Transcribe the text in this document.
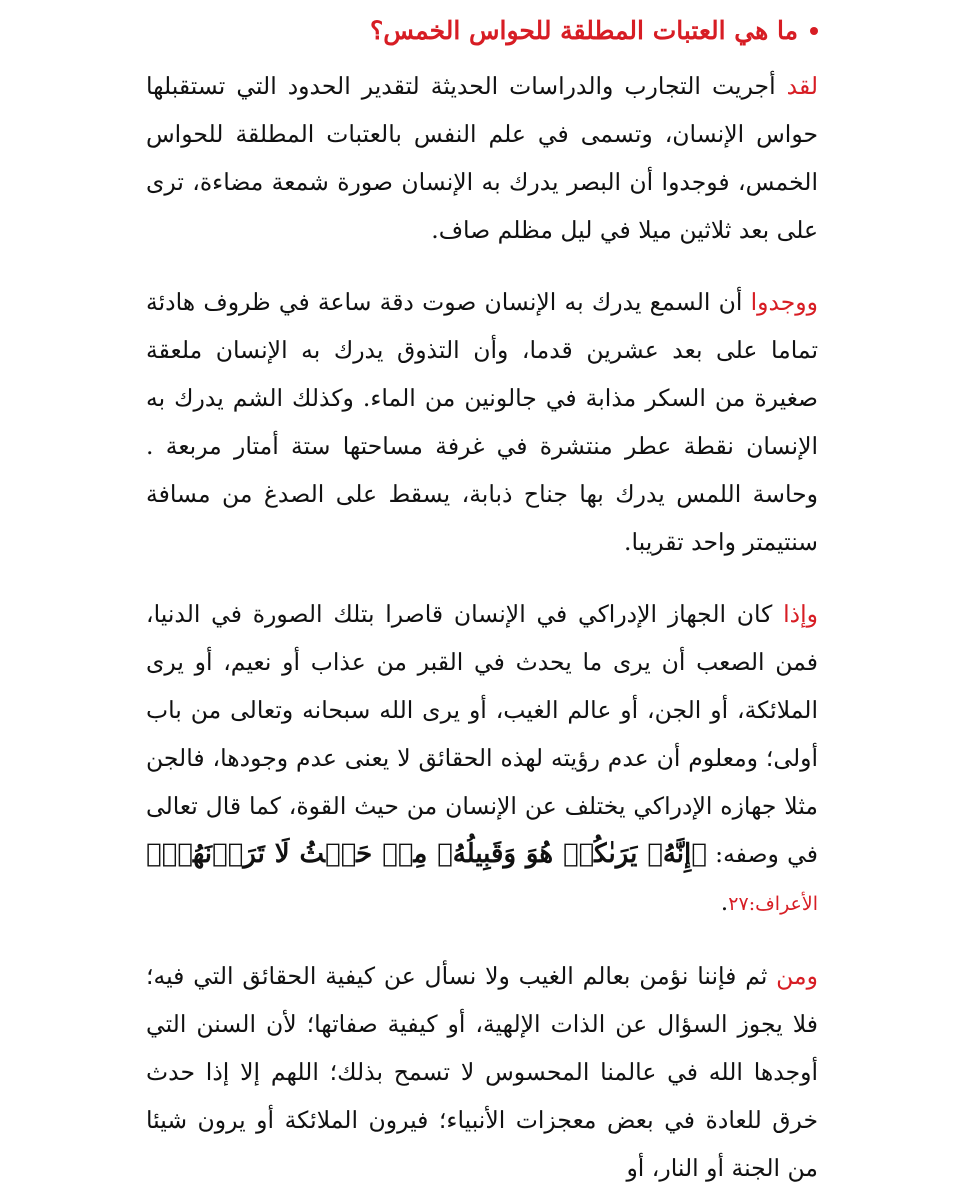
ما هي العتبات المطلقة للحواس الخمس؟

لقد أجريت التجارب والدراسات الحديثة لتقدير الحدود التي تستقبلها حواس الإنسان، وتسمى في علم النفس بالعتبات المطلقة للحواس الخمس، فوجدوا أن البصر يدرك به الإنسان صورة شمعة مضاءة، ترى على بعد ثلاثين ميلا في ليل مظلم صاف.

ووجدوا أن السمع يدرك به الإنسان صوت دقة ساعة في ظروف هادئة تماما على بعد عشرين قدما، وأن التذوق يدرك به الإنسان ملعقة صغيرة من السكر مذابة في جالونين من الماء. وكذلك الشم يدرك به الإنسان نقطة عطر منتشرة في غرفة مساحتها ستة أمتار مربعة . وحاسة اللمس يدرك بها جناح ذبابة، يسقط على الصدغ من مسافة سنتيمتر واحد تقريبا.

وإذا كان الجهاز الإدراكي في الإنسان قاصرا بتلك الصورة في الدنيا، فمن الصعب أن يرى ما يحدث في القبر من عذاب أو نعيم، أو يرى الملائكة، أو الجن، أو عالم الغيب، أو يرى الله سبحانه وتعالى من باب أولى؛ ومعلوم أن عدم رؤيته لهذه الحقائق لا يعنى عدم وجودها، فالجن مثلا جهازه الإدراكي يختلف عن الإنسان من حيث القوة، كما قال تعالى في وصفه: ﴿إِنَّهُۥ يَرَىٰكُمۡ هُوَ وَقَبِيلُهُۥ مِنۡ حَيۡثُ لَا تَرَوۡنَهُمۡ﴾ الأعراف:٢٧.

ومن ثم فإننا نؤمن بعالم الغيب ولا نسأل عن كيفية الحقائق التي فيه؛ فلا يجوز السؤال عن الذات الإلهية، أو كيفية صفاتها؛ لأن السنن التي أوجدها الله في عالمنا المحسوس لا تسمح بذلك؛ اللهم إلا إذا حدث خرق للعادة في بعض معجزات الأنبياء؛ فيرون الملائكة أو يرون شيئا من الجنة أو النار، أو
